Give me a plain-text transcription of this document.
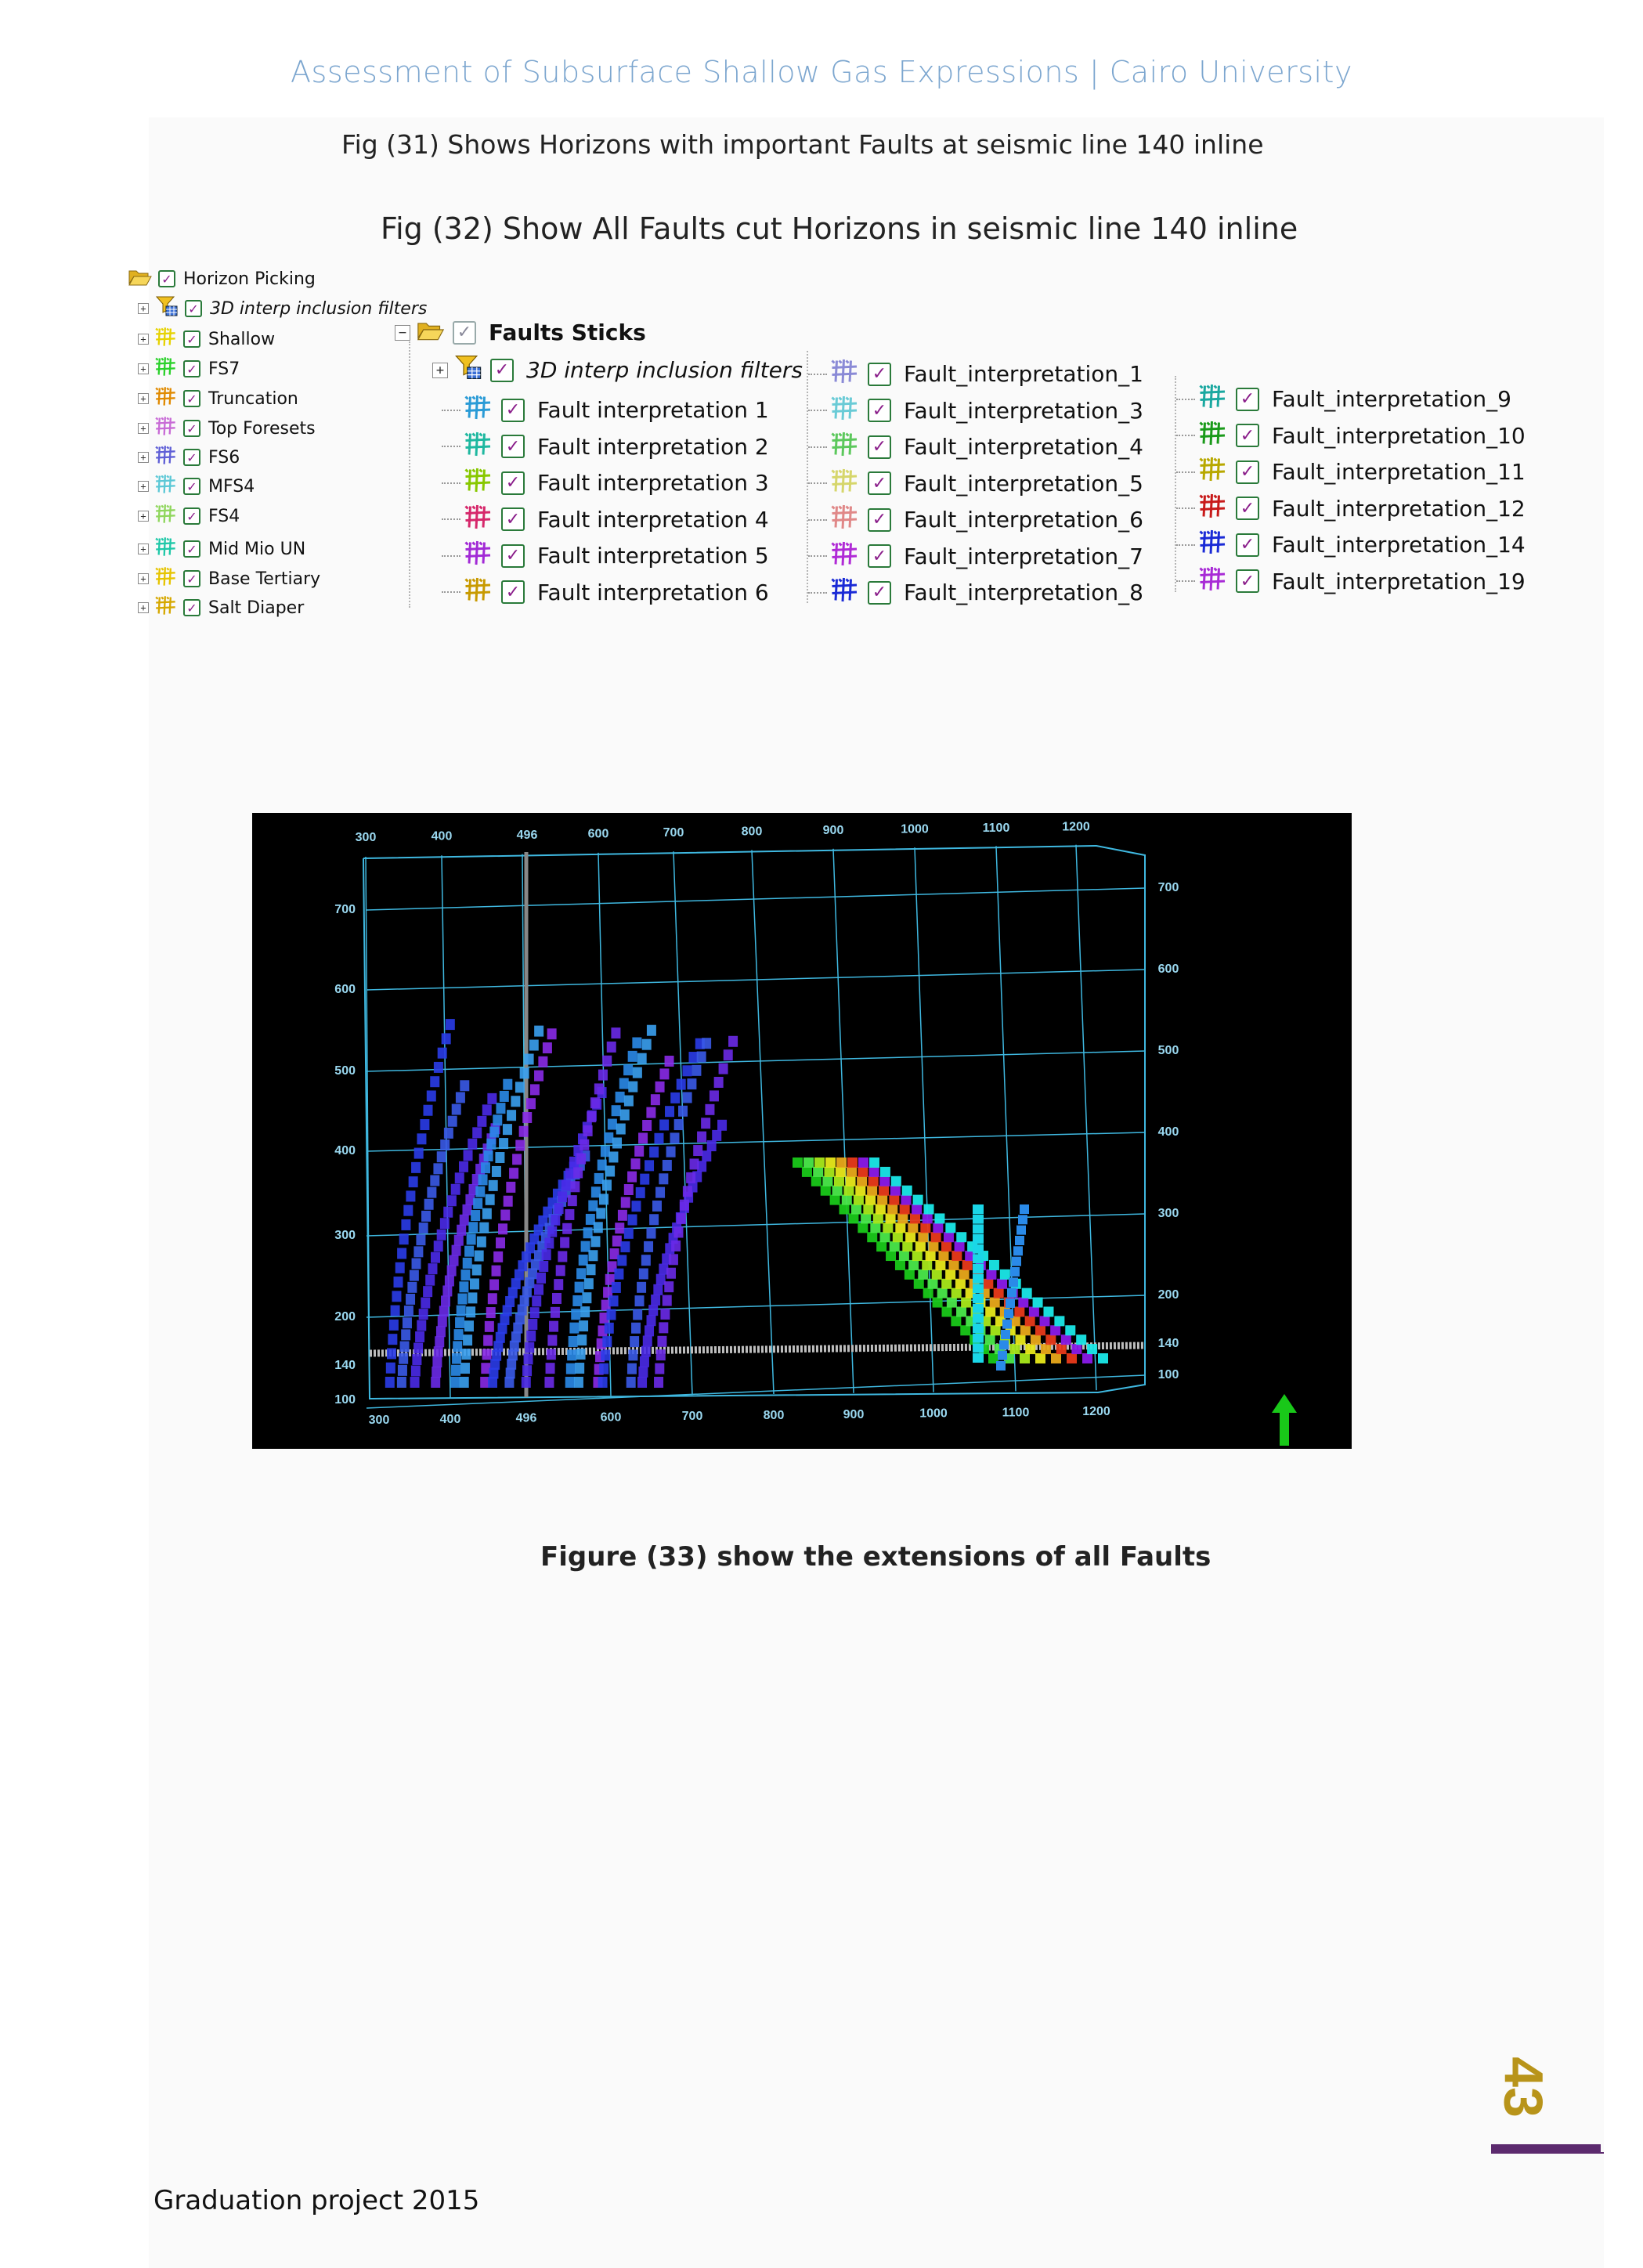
Assessment of Subsurface Shallow Gas Expressions | Cairo University
Fig (31) Shows Horizons with important Faults at seismic line 140 inline
Fig (32) Show All Faults cut Horizons in seismic line 140 inline
✓ Horizon Picking
+	✓ 3D interp inclusion filters
+	✓ Shallow
+	✓ FS7
+	✓ Truncation
+	✓ Top Foresets
+	✓ FS6
+	✓ MFS4
+	✓ FS4
+	✓ Mid Mio UN
+	✓ Base Tertiary
+	✓ Salt Diaper
−	✓ Faults Sticks
+	✓ 3D interp inclusion filters
✓ Fault interpretation 1
✓ Fault interpretation 2
✓ Fault interpretation 3
✓ Fault interpretation 4
✓ Fault interpretation 5
✓ Fault interpretation 6
✓ Fault_interpretation_1
✓ Fault_interpretation_3
✓ Fault_interpretation_4
✓ Fault_interpretation_5
✓ Fault_interpretation_6
✓ Fault_interpretation_7
✓ Fault_interpretation_8
✓ Fault_interpretation_9
✓ Fault_interpretation_10
✓ Fault_interpretation_11
✓ Fault_interpretation_12
✓ Fault_interpretation_14
✓ Fault_interpretation_19
300	400	496	600	700	800	900	1000	1100	1200
300	400	496	600	700	800	900	1000	1100	1200
700
600
500
400
300
200
140
100
700
600
500
400
300
200
140
100
Figure (33) show the extensions of all Faults
Graduation project 2015
43
